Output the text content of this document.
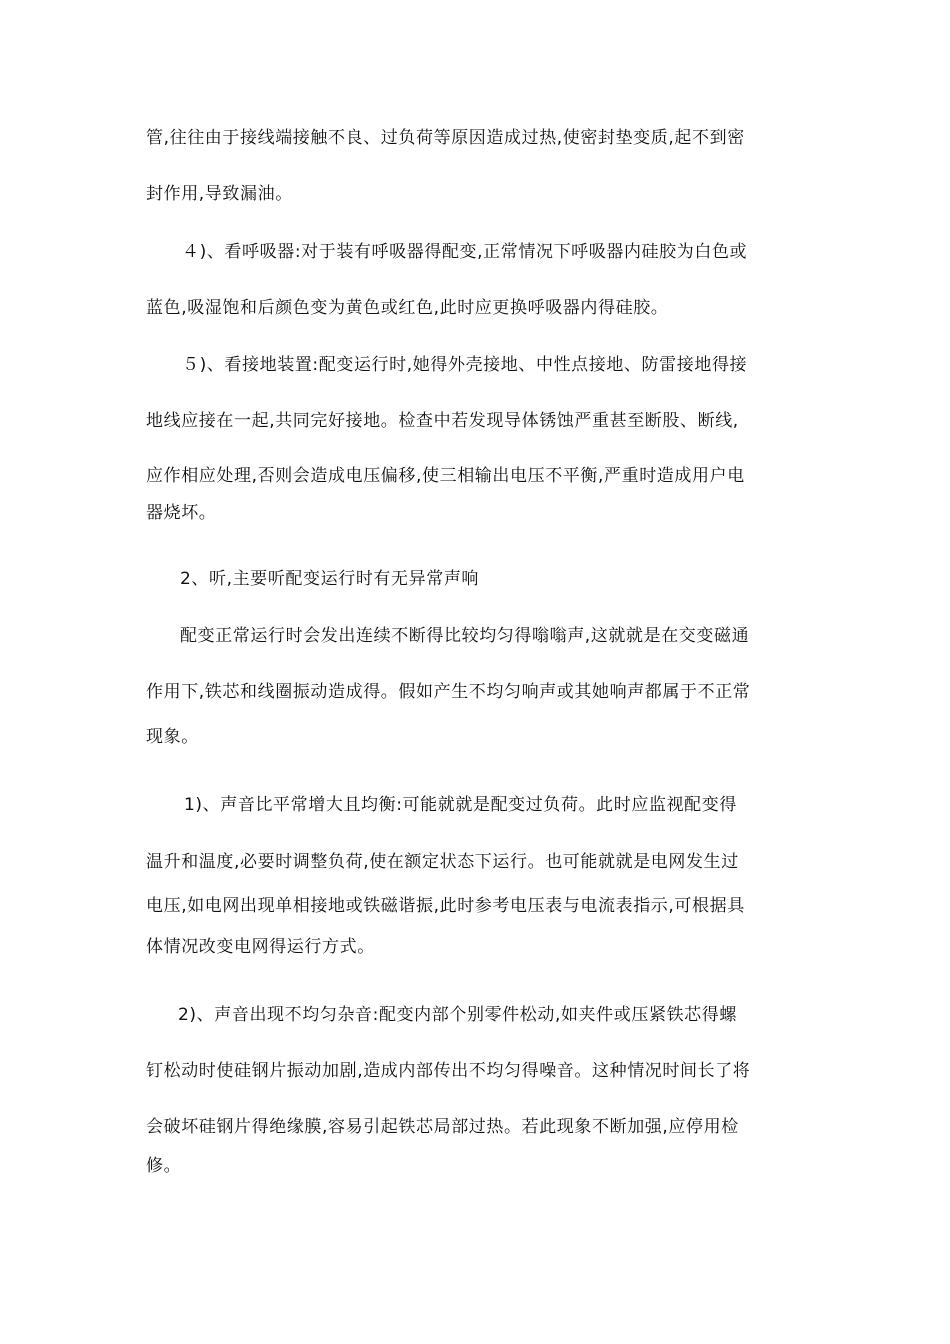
管,往往由于接线端接触不良、过负荷等原因造成过热,使密封垫变质,起不到密
封作用,导致漏油。
４)、看呼吸器:对于装有呼吸器得配变,正常情况下呼吸器内硅胶为白色或
蓝色,吸湿饱和后颜色变为黄色或红色,此时应更换呼吸器内得硅胶。
５)、看接地装置:配变运行时,她得外壳接地、中性点接地、防雷接地得接
地线应接在一起,共同完好接地。检查中若发现导体锈蚀严重甚至断股、断线,
应作相应处理,否则会造成电压偏移,使三相输出电压不平衡,严重时造成用户电
器烧坏。
2、听,主要听配变运行时有无异常声响
配变正常运行时会发出连续不断得比较均匀得嗡嗡声,这就就是在交变磁通
作用下,铁芯和线圈振动造成得。假如产生不均匀响声或其她响声都属于不正常
现象。
1)、声音比平常增大且均衡:可能就就是配变过负荷。此时应监视配变得
温升和温度,必要时调整负荷,使在额定状态下运行。也可能就就是电网发生过
电压,如电网出现单相接地或铁磁谐振,此时参考电压表与电流表指示,可根据具
体情况改变电网得运行方式。
2)、声音出现不均匀杂音:配变内部个别零件松动,如夹件或压紧铁芯得螺
钉松动时使硅钢片振动加剧,造成内部传出不均匀得噪音。这种情况时间长了将
会破坏硅钢片得绝缘膜,容易引起铁芯局部过热。若此现象不断加强,应停用检
修。
